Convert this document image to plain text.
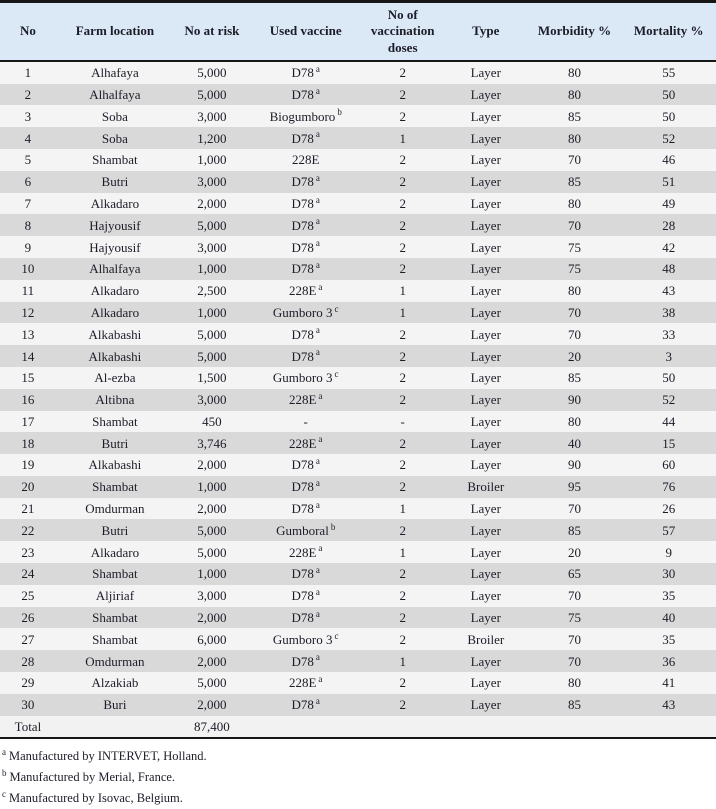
No	Farm location	No at risk	Used vaccine	No of vaccination doses	Type	Morbidity %	Mortality %
1	Alhafaya	5,000	D78 $^a$	2	Layer	80	55
2	Alhalfaya	5,000	D78 $^a$	2	Layer	80	50
3	Soba	3,000	Biogumboro $^b$	2	Layer	85	50
4	Soba	1,200	D78 $^a$	1	Layer	80	52
5	Shambat	1,000	228E	2	Layer	70	46
6	Butri	3,000	D78 $^a$	2	Layer	85	51
7	Alkadaro	2,000	D78 $^a$	2	Layer	80	49
8	Hajyousif	5,000	D78 $^a$	2	Layer	70	28
9	Hajyousif	3,000	D78 $^a$	2	Layer	75	42
10	Alhalfaya	1,000	D78 $^a$	2	Layer	75	48
11	Alkadaro	2,500	228E $^a$	1	Layer	80	43
12	Alkadaro	1,000	Gumboro 3 $^c$	1	Layer	70	38
13	Alkabashi	5,000	D78 $^a$	2	Layer	70	33
14	Alkabashi	5,000	D78 $^a$	2	Layer	20	3
15	Al-ezba	1,500	Gumboro 3 $^c$	2	Layer	85	50
16	Altibna	3,000	228E $^a$	2	Layer	90	52
17	Shambat	450	-	-	Layer	80	44
18	Butri	3,746	228E $^a$	2	Layer	40	15
19	Alkabashi	2,000	D78 $^a$	2	Layer	90	60
20	Shambat	1,000	D78 $^a$	2	Broiler	95	76
21	Omdurman	2,000	D78 $^a$	1	Layer	70	26
22	Butri	5,000	Gumboral $^b$	2	Layer	85	57
23	Alkadaro	5,000	228E $^a$	1	Layer	20	9
24	Shambat	1,000	D78 $^a$	2	Layer	65	30
25	Aljiriaf	3,000	D78 $^a$	2	Layer	70	35
26	Shambat	2,000	D78 $^a$	2	Layer	75	40
27	Shambat	6,000	Gumboro 3 $^c$	2	Broiler	70	35
28	Omdurman	2,000	D78 $^a$	1	Layer	70	36
29	Alzakiab	5,000	228E $^a$	2	Layer	80	41
30	Buri	2,000	D78 $^a$	2	Layer	85	43
Total		87,400					
$^a$ Manufactured by INTERVET, Holland.
$^b$ Manufactured by Merial, France.
$^c$ Manufactured by Isovac, Belgium.
